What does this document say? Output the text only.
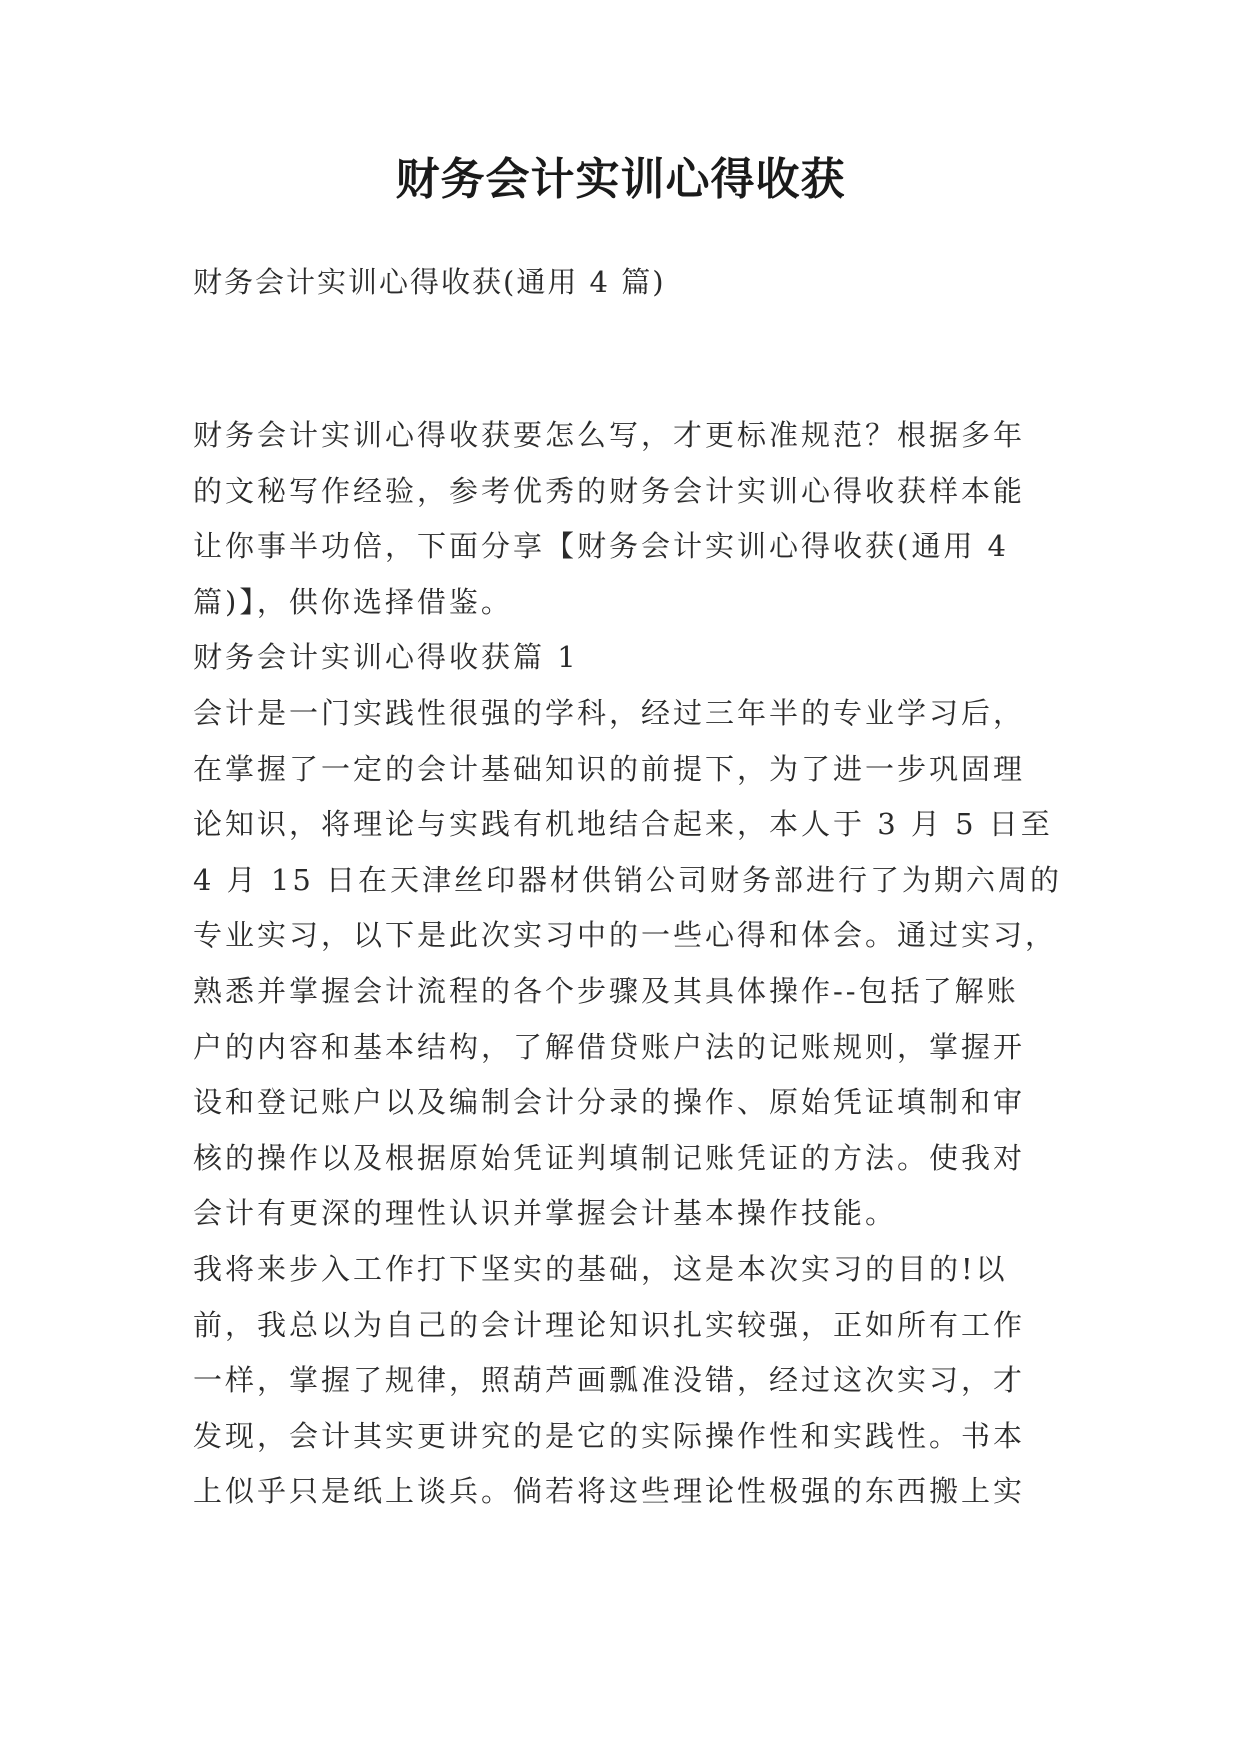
财务会计实训心得收获
财务会计实训心得收获(通用 4 篇)
财务会计实训心得收获要怎么写，才更标准规范？根据多年
的文秘写作经验，参考优秀的财务会计实训心得收获样本能
让你事半功倍，下面分享【财务会计实训心得收获(通用 4
篇)】，供你选择借鉴。
财务会计实训心得收获篇 1
会计是一门实践性很强的学科，经过三年半的专业学习后，
在掌握了一定的会计基础知识的前提下，为了进一步巩固理
论知识，将理论与实践有机地结合起来，本人于 3 月 5 日至
4 月 15 日在天津丝印器材供销公司财务部进行了为期六周的
专业实习，以下是此次实习中的一些心得和体会。通过实习，
熟悉并掌握会计流程的各个步骤及其具体操作--包括了解账
户的内容和基本结构，了解借贷账户法的记账规则，掌握开
设和登记账户以及编制会计分录的操作、原始凭证填制和审
核的操作以及根据原始凭证判填制记账凭证的方法。使我对
会计有更深的理性认识并掌握会计基本操作技能。
我将来步入工作打下坚实的基础，这是本次实习的目的!以
前，我总以为自己的会计理论知识扎实较强，正如所有工作
一样，掌握了规律，照葫芦画瓢准没错，经过这次实习，才
发现，会计其实更讲究的是它的实际操作性和实践性。书本
上似乎只是纸上谈兵。倘若将这些理论性极强的东西搬上实
